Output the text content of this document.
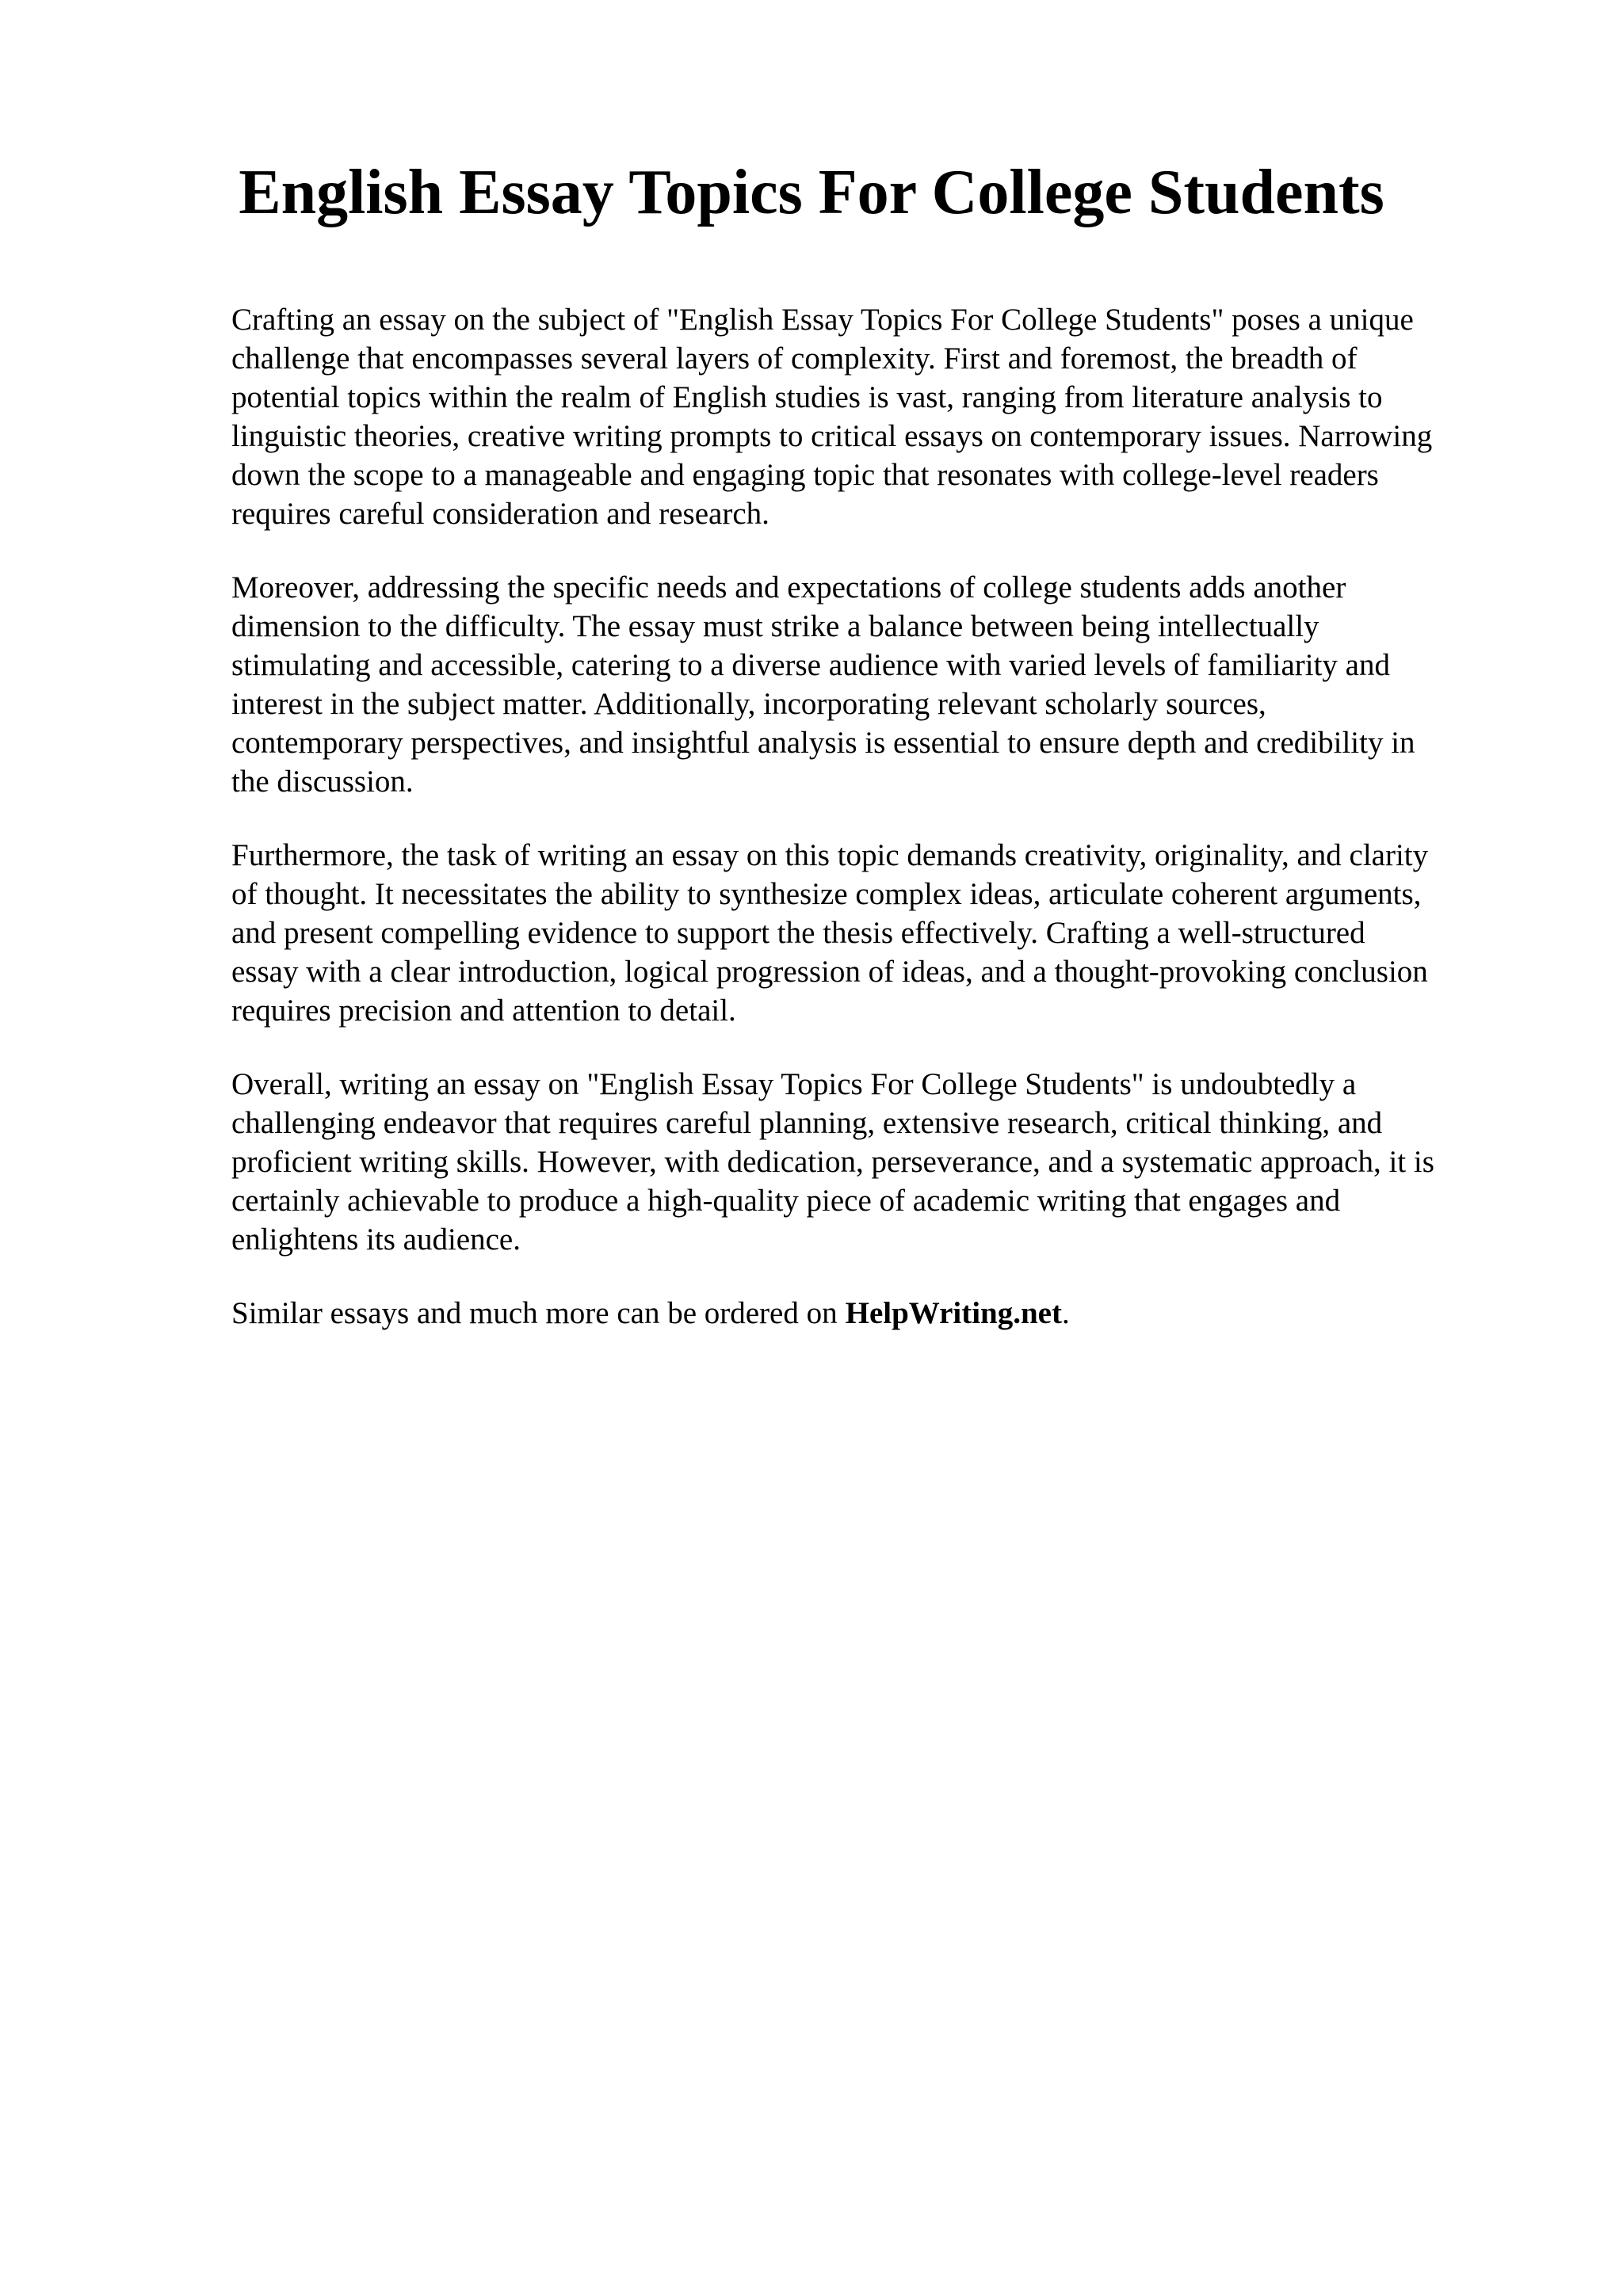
English Essay Topics For College Students

Crafting an essay on the subject of "English Essay Topics For College Students" poses a unique
challenge that encompasses several layers of complexity. First and foremost, the breadth of
potential topics within the realm of English studies is vast, ranging from literature analysis to
linguistic theories, creative writing prompts to critical essays on contemporary issues. Narrowing
down the scope to a manageable and engaging topic that resonates with college-level readers
requires careful consideration and research.

Moreover, addressing the specific needs and expectations of college students adds another
dimension to the difficulty. The essay must strike a balance between being intellectually
stimulating and accessible, catering to a diverse audience with varied levels of familiarity and
interest in the subject matter. Additionally, incorporating relevant scholarly sources,
contemporary perspectives, and insightful analysis is essential to ensure depth and credibility in
the discussion.

Furthermore, the task of writing an essay on this topic demands creativity, originality, and clarity
of thought. It necessitates the ability to synthesize complex ideas, articulate coherent arguments,
and present compelling evidence to support the thesis effectively. Crafting a well-structured
essay with a clear introduction, logical progression of ideas, and a thought-provoking conclusion
requires precision and attention to detail.

Overall, writing an essay on "English Essay Topics For College Students" is undoubtedly a
challenging endeavor that requires careful planning, extensive research, critical thinking, and
proficient writing skills. However, with dedication, perseverance, and a systematic approach, it is
certainly achievable to produce a high-quality piece of academic writing that engages and
enlightens its audience.

Similar essays and much more can be ordered on HelpWriting.net.
